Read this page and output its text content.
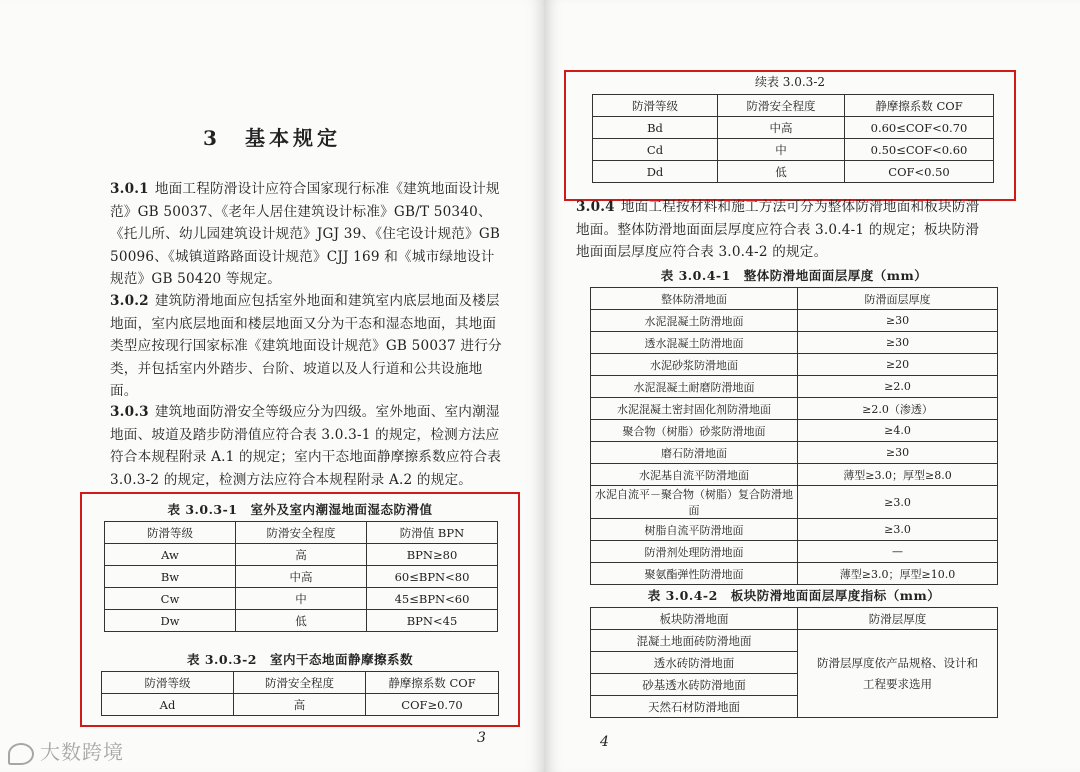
3　基本规定
3.0.1 地面工程防滑设计应符合国家现行标准《建筑地面设计规范》GB 50037、《老年人居住建筑设计标准》GB/T 50340、《托儿所、幼儿园建筑设计规范》JGJ 39、《住宅设计规范》GB 50096、《城镇道路路面设计规范》CJJ 169 和《城市绿地设计规范》GB 50420 等规定。
3.0.2 建筑防滑地面应包括室外地面和建筑室内底层地面及楼层地面，室内底层地面和楼层地面又分为干态和湿态地面，其地面类型应按现行国家标准《建筑地面设计规范》GB 50037 进行分类，并包括室内外踏步、台阶、坡道以及人行道和公共设施地面。
3.0.3 建筑地面防滑安全等级应分为四级。室外地面、室内潮湿地面、坡道及踏步防滑值应符合表 3.0.3-1 的规定，检测方法应符合本规程附录 A.1 的规定；室内干态地面静摩擦系数应符合表 3.0.3-2 的规定，检测方法应符合本规程附录 A.2 的规定。
表 3.0.3-1　室外及室内潮湿地面湿态防滑值
防滑等级	防滑安全程度	防滑值 BPN
Aw	高	BPN≥80
Bw	中高	60≤BPN<80
Cw	中	45≤BPN<60
Dw	低	BPN<45
表 3.0.3-2　室内干态地面静摩擦系数
防滑等级	防滑安全程度	静摩擦系数 COF
Ad	高	COF≥0.70
3
大数跨境
续表 3.0.3-2
防滑等级	防滑安全程度	静摩擦系数 COF
Bd	中高	0.60≤COF<0.70
Cd	中	0.50≤COF<0.60
Dd	低	COF<0.50
3.0.4 地面工程按材料和施工方法可分为整体防滑地面和板块防滑地面。整体防滑地面面层厚度应符合表 3.0.4-1 的规定；板块防滑地面面层厚度应符合表 3.0.4-2 的规定。
表 3.0.4-1　整体防滑地面面层厚度（mm）
整体防滑地面	防滑面层厚度
水泥混凝土防滑地面	≥30
透水混凝土防滑地面	≥30
水泥砂浆防滑地面	≥20
水泥混凝土耐磨防滑地面	≥2.0
水泥混凝土密封固化剂防滑地面	≥2.0（渗透）
聚合物（树脂）砂浆防滑地面	≥4.0
磨石防滑地面	≥30
水泥基自流平防滑地面	薄型≥3.0；厚型≥8.0
水泥自流平－聚合物（树脂）复合防滑地面	≥3.0
树脂自流平防滑地面	≥3.0
防滑剂处理防滑地面	—
聚氨酯弹性防滑地面	薄型≥3.0；厚型≥10.0
表 3.0.4-2　板块防滑地面面层厚度指标（mm）
板块防滑地面	防滑层厚度
混凝土地面砖防滑地面	防滑层厚度依产品规格、设计和工程要求选用
透水砖防滑地面	
砂基透水砖防滑地面	
天然石材防滑地面	
4
